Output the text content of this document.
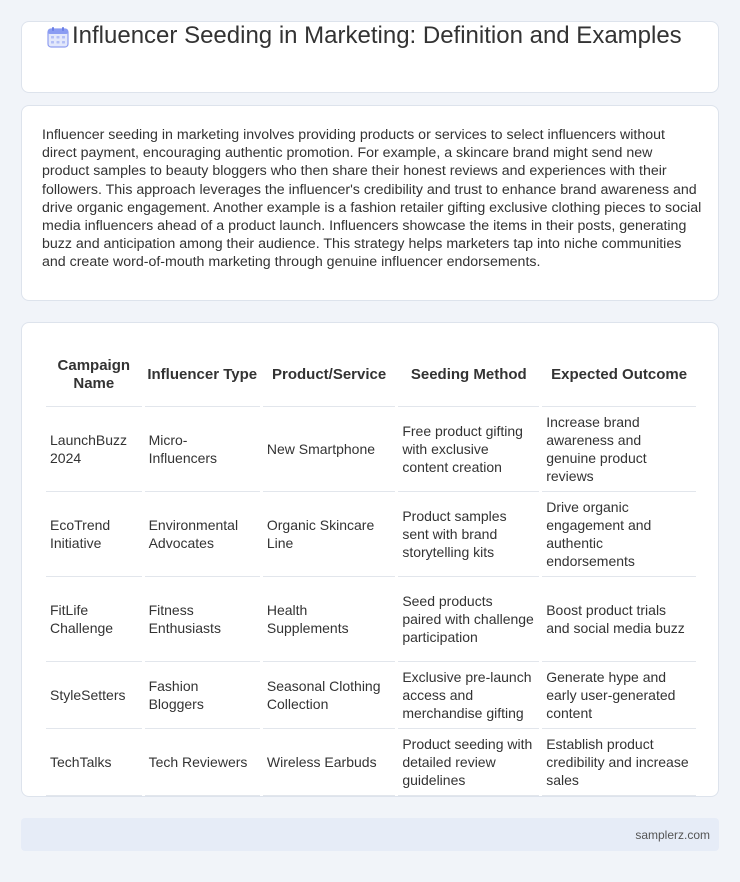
Influencer Seeding in Marketing: Definition and Examples

Influencer seeding in marketing involves providing products or services to select influencers without direct payment, encouraging authentic promotion. For example, a skincare brand might send new product samples to beauty bloggers who then share their honest reviews and experiences with their followers. This approach leverages the influencer's credibility and trust to enhance brand awareness and drive organic engagement. Another example is a fashion retailer gifting exclusive clothing pieces to social media influencers ahead of a product launch. Influencers showcase the items in their posts, generating buzz and anticipation among their audience. This strategy helps marketers tap into niche communities and create word-of-mouth marketing through genuine influencer endorsements.

Campaign Name	Influencer Type	Product/Service	Seeding Method	Expected Outcome
LaunchBuzz 2024	Micro-Influencers	New Smartphone	Free product gifting with exclusive content creation	Increase brand awareness and genuine product reviews
EcoTrend Initiative	Environmental Advocates	Organic Skincare Line	Product samples sent with brand storytelling kits	Drive organic engagement and authentic endorsements
FitLife Challenge	Fitness Enthusiasts	Health Supplements	Seed products paired with challenge participation	Boost product trials and social media buzz
StyleSetters	Fashion Bloggers	Seasonal Clothing Collection	Exclusive pre-launch access and merchandise gifting	Generate hype and early user-generated content
TechTalks	Tech Reviewers	Wireless Earbuds	Product seeding with detailed review guidelines	Establish product credibility and increase sales
samplerz.com
